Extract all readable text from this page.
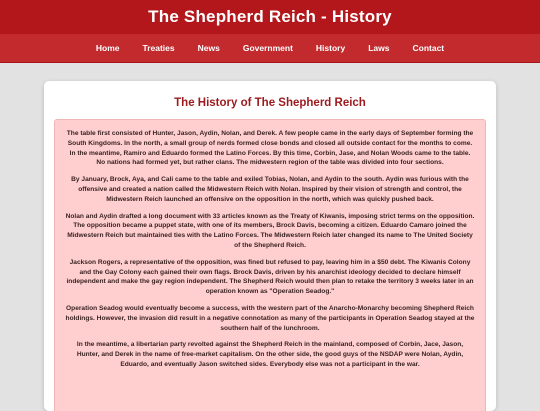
The Shepherd Reich - History
Home	Treaties	News	Government	History	Laws	Contact
The History of The Shepherd Reich

The table first consisted of Hunter, Jason, Aydin, Nolan, and Derek. A few people came in the early days of September forming the South Kingdoms. In the north, a small group of nerds formed close bonds and closed all outside contact for the months to come. In the meantime, Ramiro and Eduardo formed the Latino Forces. By this time, Corbin, Jase, and Nolan Woods came to the table. No nations had formed yet, but rather clans. The midwestern region of the table was divided into four sections.

By January, Brock, Aya, and Cali came to the table and exiled Tobias, Nolan, and Aydin to the south. Aydin was furious with the offensive and created a nation called the Midwestern Reich with Nolan. Inspired by their vision of strength and control, the Midwestern Reich launched an offensive on the opposition in the north, which was quickly pushed back.

Nolan and Aydin drafted a long document with 33 articles known as the Treaty of Kiwanis, imposing strict terms on the opposition. The opposition became a puppet state, with one of its members, Brock Davis, becoming a citizen. Eduardo Camaro joined the Midwestern Reich but maintained ties with the Latino Forces. The Midwestern Reich later changed its name to The United Society of the Shepherd Reich.

Jackson Rogers, a representative of the opposition, was fined but refused to pay, leaving him in a $50 debt. The Kiwanis Colony and the Gay Colony each gained their own flags. Brock Davis, driven by his anarchist ideology decided to declare himself independent and make the gay region independent. The Shepherd Reich would then plan to retake the territory 3 weeks later in an operation known as "Operation Seadog."

Operation Seadog would eventually become a success, with the western part of the Anarcho-Monarchy becoming Shepherd Reich holdings. However, the invasion did result in a negative connotation as many of the participants in Operation Seadog stayed at the southern half of the lunchroom.

In the meantime, a libertarian party revolted against the Shepherd Reich in the mainland, composed of Corbin, Jace, Jason, Hunter, and Derek in the name of free-market capitalism. On the other side, the good guys of the NSDAP were Nolan, Aydin, Eduardo, and eventually Jason switched sides. Everybody else was not a participant in the war.
